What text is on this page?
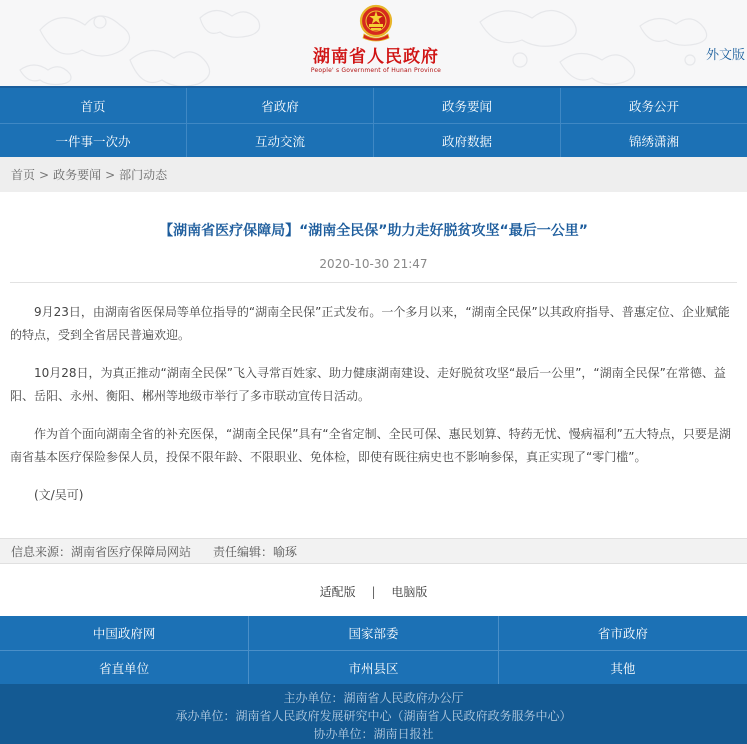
湖南省人民政府
People' s Government of Hunan Province
外文版
首页	省政府	政务要闻	政务公开
一件事一次办	互动交流	政府数据	锦绣潇湘
首页 > 政务要闻 > 部门动态
【湖南省医疗保障局】“湖南全民保”助力走好脱贫攻坚“最后一公里”
2020-10-30 21:47

9月23日，由湖南省医保局等单位指导的“湖南全民保”正式发布。一个多月以来，“湖南全民保”以其政府指导、普惠定位、企业赋能的特点，受到全省居民普遍欢迎。

10月28日，为真正推动“湖南全民保”飞入寻常百姓家、助力健康湖南建设、走好脱贫攻坚“最后一公里”，“湖南全民保”在常德、益阳、岳阳、永州、衡阳、郴州等地级市举行了多市联动宣传日活动。

作为首个面向湖南全省的补充医保，“湖南全民保”具有“全省定制、全民可保、惠民划算、特药无忧、慢病福利”五大特点，只要是湖南省基本医疗保险参保人员，投保不限年龄、不限职业、免体检，即使有既往病史也不影响参保，真正实现了“零门槛”。

(文/吴可)

信息来源： 湖南省医疗保障局网站 责任编辑： 喻琢
适配版 | 电脑版
中国政府网	国家部委	省市政府
省直单位	市州县区	其他
主办单位：湖南省人民政府办公厅
承办单位：湖南省人民政府发展研究中心（湖南省人民政府政务服务中心）
协办单位：湖南日报社
